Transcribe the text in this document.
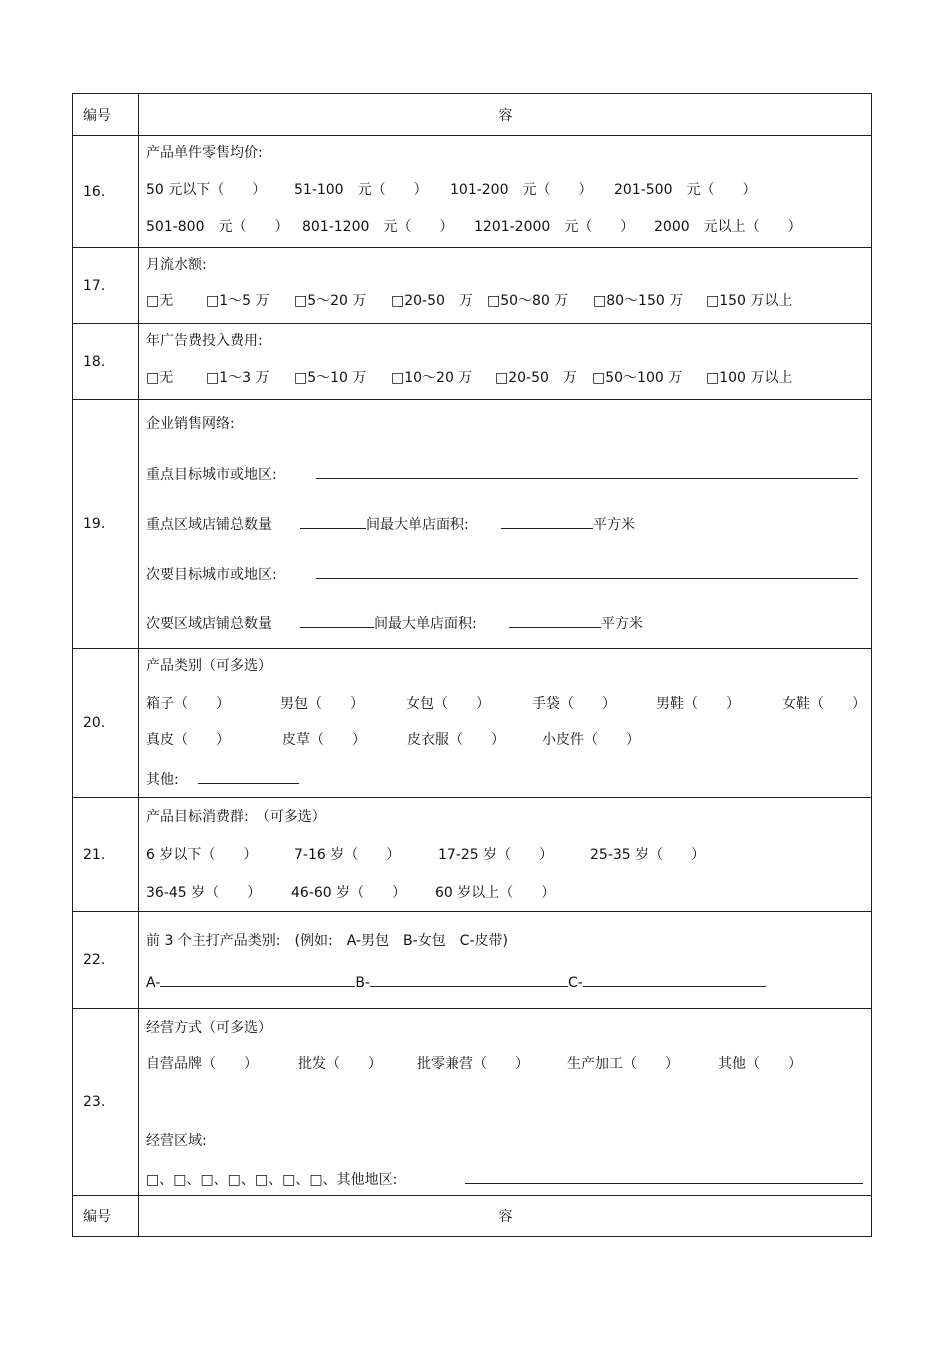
编号	容
16.
产品单件零售均价:
50 元以下（　　） 51-100　元（　　） 101-200　元（　　） 201-500　元（　　）
501-800　元（　　） 801-1200　元（　　） 1201-2000　元（　　） 2000　元以上（　　）
17.
月流水额:
□无 □1～5 万 □5～20 万 □20-50　万 □50～80 万 □80～150 万 □150 万以上
18.
年广告费投入费用:
□无 □1～3 万 □5～10 万 □10～20 万 □20-50　万 □50～100 万 □100 万以上
19.
企业销售网络:
重点目标城市或地区:
重点区域店铺总数量	间最大单店面积:	平方米
次要目标城市或地区:
次要区域店铺总数量	间最大单店面积:	平方米
20.
产品类别（可多选）
箱子（　　）	男包（　　）	女包（　　）	手袋（　　）	男鞋（　　）	女鞋（　　）
真皮（　　）	皮草（　　）	皮衣服（　　）	小皮件（　　）
其他:
21.
产品目标消费群:　（可多选）
6 岁以下（　　）	7-16 岁（　　）	17-25 岁（　　）	25-35 岁（　　）
36-45 岁（　　） 46-60 岁（　　） 60 岁以上（　　）
22.
前 3 个主打产品类别:　(例如:　A-男包　B-女包　C-皮带)
A-	B-	C-
23.
经营方式（可多选）
自营品牌（　　）	批发（　　）	批零兼营（　　）	生产加工（　　）	其他（　　）
经营区域:
□、□、□、□、□、□、□、其他地区:
编号	容
